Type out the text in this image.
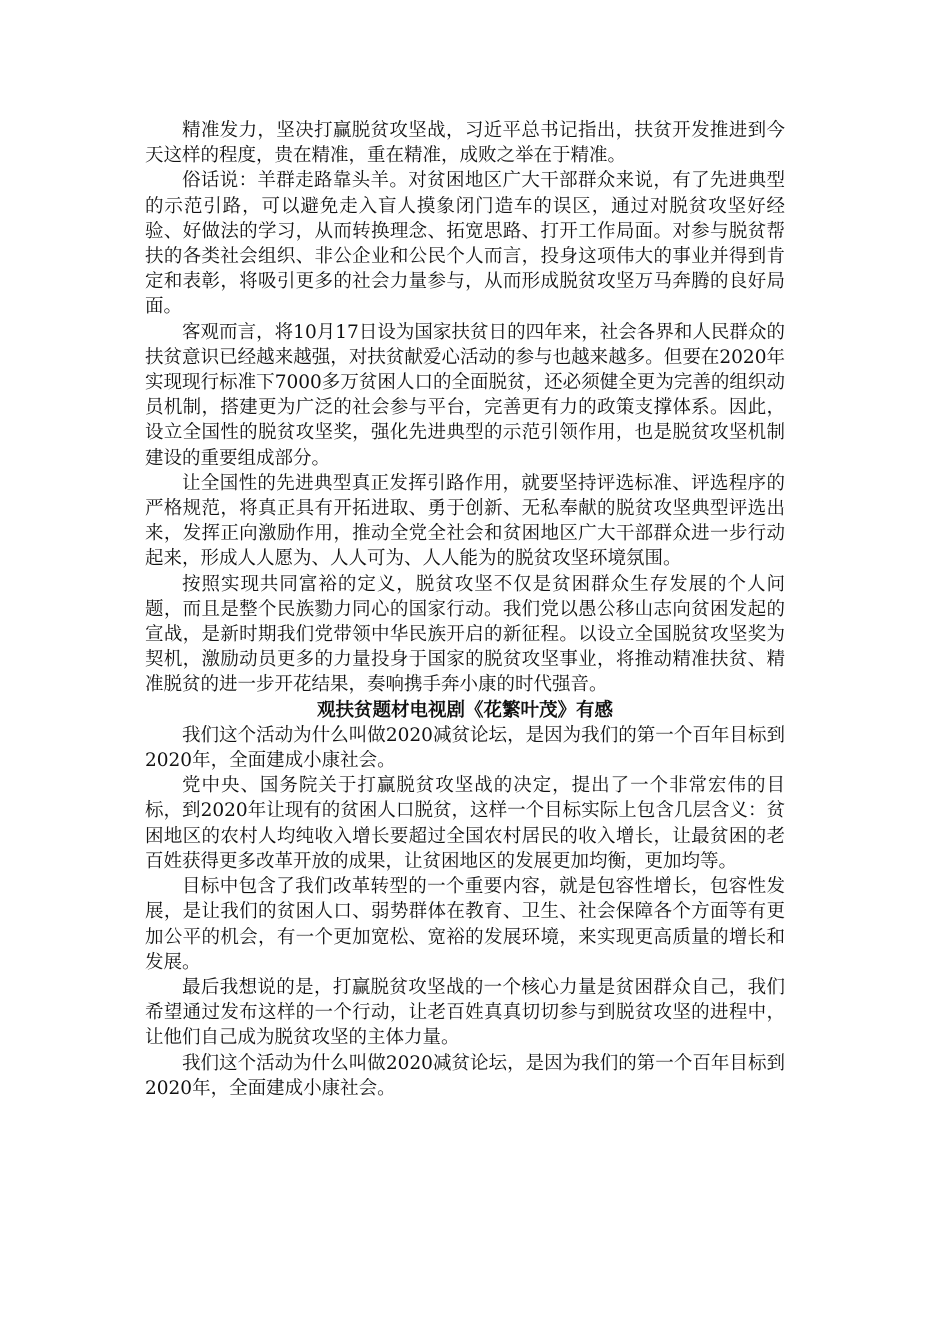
精准发力，坚决打赢脱贫攻坚战，习近平总书记指出，扶贫开发推进到今天这样的程度，贵在精准，重在精准，成败之举在于精准。

俗话说：羊群走路靠头羊。对贫困地区广大干部群众来说，有了先进典型的示范引路，可以避免走入盲人摸象闭门造车的误区，通过对脱贫攻坚好经验、好做法的学习，从而转换理念、拓宽思路、打开工作局面。对参与脱贫帮扶的各类社会组织、非公企业和公民个人而言，投身这项伟大的事业并得到肯定和表彰，将吸引更多的社会力量参与，从而形成脱贫攻坚万马奔腾的良好局面。

客观而言，将10月17日设为国家扶贫日的四年来，社会各界和人民群众的扶贫意识已经越来越强，对扶贫献爱心活动的参与也越来越多。但要在2020年实现现行标准下7000多万贫困人口的全面脱贫，还必须健全更为完善的组织动员机制，搭建更为广泛的社会参与平台，完善更有力的政策支撑体系。因此，设立全国性的脱贫攻坚奖，强化先进典型的示范引领作用，也是脱贫攻坚机制建设的重要组成部分。

让全国性的先进典型真正发挥引路作用，就要坚持评选标准、评选程序的严格规范，将真正具有开拓进取、勇于创新、无私奉献的脱贫攻坚典型评选出来，发挥正向激励作用，推动全党全社会和贫困地区广大干部群众进一步行动起来，形成人人愿为、人人可为、人人能为的脱贫攻坚环境氛围。

按照实现共同富裕的定义，脱贫攻坚不仅是贫困群众生存发展的个人问题，而且是整个民族勠力同心的国家行动。我们党以愚公移山志向贫困发起的宣战，是新时期我们党带领中华民族开启的新征程。以设立全国脱贫攻坚奖为契机，激励动员更多的力量投身于国家的脱贫攻坚事业，将推动精准扶贫、精准脱贫的进一步开花结果，奏响携手奔小康的时代强音。

观扶贫题材电视剧《花繁叶茂》有感

我们这个活动为什么叫做2020减贫论坛，是因为我们的第一个百年目标到2020年，全面建成小康社会。

党中央、国务院关于打赢脱贫攻坚战的决定，提出了一个非常宏伟的目标，到2020年让现有的贫困人口脱贫，这样一个目标实际上包含几层含义：贫困地区的农村人均纯收入增长要超过全国农村居民的收入增长，让最贫困的老百姓获得更多改革开放的成果，让贫困地区的发展更加均衡，更加均等。

目标中包含了我们改革转型的一个重要内容，就是包容性增长，包容性发展，是让我们的贫困人口、弱势群体在教育、卫生、社会保障各个方面等有更加公平的机会，有一个更加宽松、宽裕的发展环境，来实现更高质量的增长和发展。

最后我想说的是，打赢脱贫攻坚战的一个核心力量是贫困群众自己，我们希望通过发布这样的一个行动，让老百姓真真切切参与到脱贫攻坚的进程中，让他们自己成为脱贫攻坚的主体力量。

我们这个活动为什么叫做2020减贫论坛，是因为我们的第一个百年目标到2020年，全面建成小康社会。
